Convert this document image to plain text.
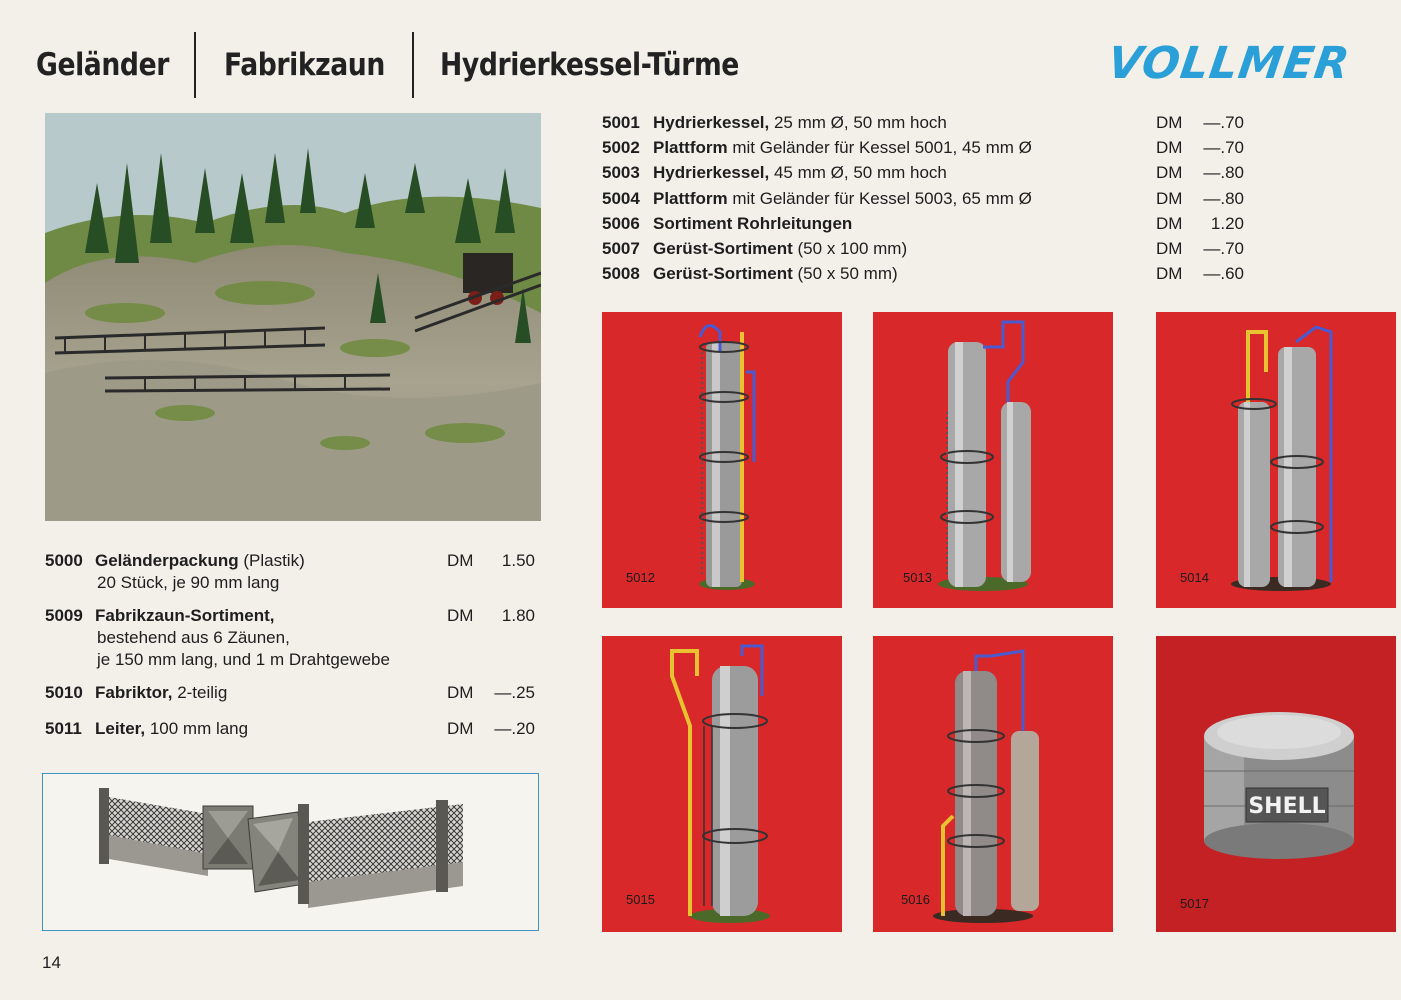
Geländer Fabrikzaun Hydrierkessel-Türme	VOLLMER
5000 Geländerpackung (Plastik)
20 Stück, je 90 mm lang
DM	1.50
5009 Fabrikzaun-Sortiment,
bestehend aus 6 Zäunen,
je 150 mm lang, und 1 m Drahtgewebe
DM	1.80
5010 Fabriktor, 2-teilig	DM	—.25
5011 Leiter, 100 mm lang	DM	—.20
14
5001 Hydrierkessel, 25 mm Ø, 50 mm hoch	DM	—.70
5002 Plattform mit Geländer für Kessel 5001, 45 mm Ø	DM	—.70
5003 Hydrierkessel, 45 mm Ø, 50 mm hoch	DM	—.80
5004 Plattform mit Geländer für Kessel 5003, 65 mm Ø	DM	—.80
5006 Sortiment Rohrleitungen	DM	1.20
5007 Gerüst-Sortiment (50 x 100 mm)	DM	—.70
5008 Gerüst-Sortiment (50 x 50 mm)	DM	—.60
5012	5013	5014
5015	5016
SHELL
5017
